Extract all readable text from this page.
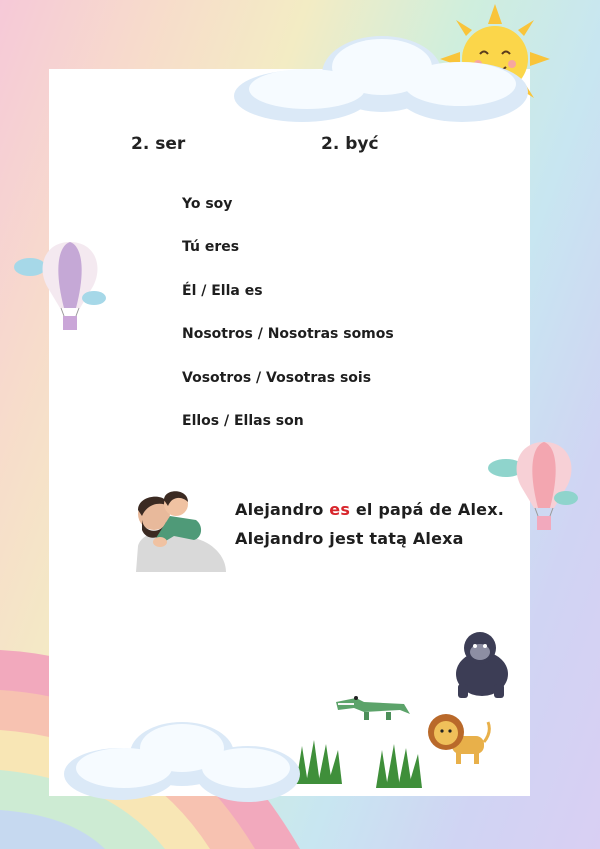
2. ser	2. być
Yo soy
Tú eres
Él / Ella es
Nosotros / Nosotras somos
Vosotros / Vosotras sois
Ellos / Ellas son
Alejandro es el papá de Alex.
Alejandro jest tatą Alexa
